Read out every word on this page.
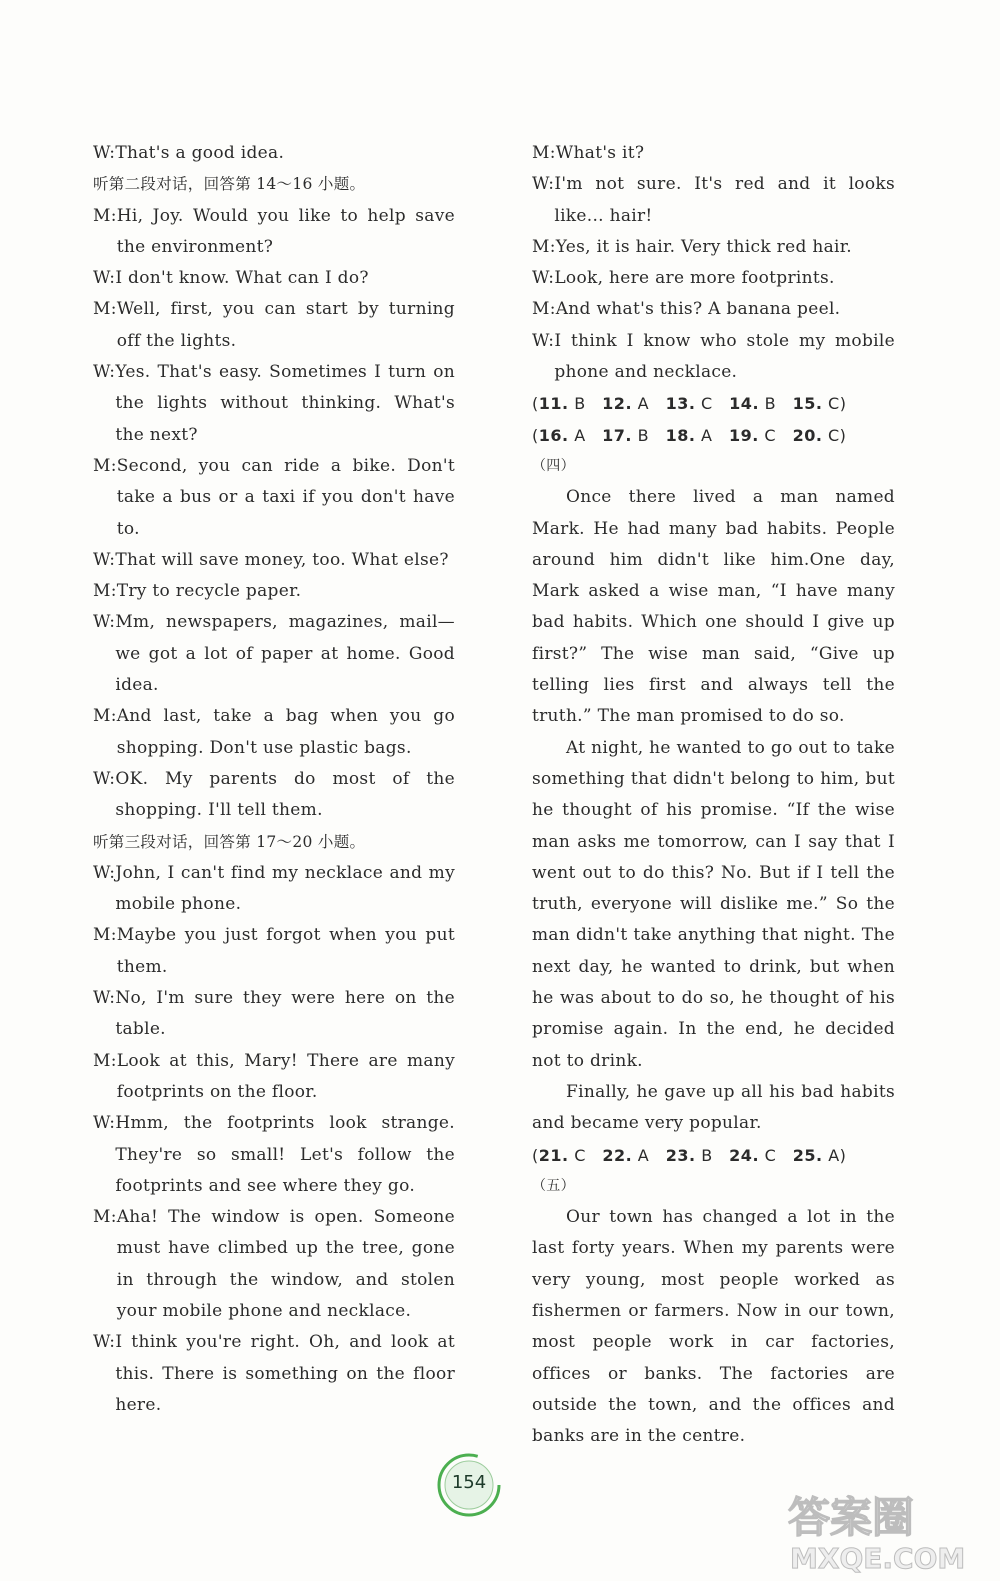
W: That's a good idea.
听第二段对话，回答第 14～16 小题。
M: Hi, Joy. Would you like to help save the environment?
W: I don't know. What can I do?
M: Well, first, you can start by turning off the lights.
W: Yes. That's easy. Sometimes I turn on the lights without thinking. What's the next?
M: Second, you can ride a bike. Don't take a bus or a taxi if you don't have to.
W: That will save money, too. What else?
M: Try to recycle paper.
W: Mm, newspapers, magazines, mail—we got a lot of paper at home. Good idea.
M: And last, take a bag when you go shopping. Don't use plastic bags.
W: OK. My parents do most of the shopping. I'll tell them.
听第三段对话，回答第 17～20 小题。
W: John, I can't find my necklace and my mobile phone.
M: Maybe you just forgot when you put them.
W: No, I'm sure they were here on the table.
M: Look at this, Mary! There are many footprints on the floor.
W: Hmm, the footprints look strange. They're so small! Let's follow the footprints and see where they go.
M: Aha! The window is open. Someone must have climbed up the tree, gone in through the window, and stolen your mobile phone and necklace.
W: I think you're right. Oh, and look at this. There is something on the floor here.
M: What's it?
W: I'm not sure. It's red and it looks like... hair!
M: Yes, it is hair. Very thick red hair.
W: Look, here are more footprints.
M: And what's this? A banana peel.
W: I think I know who stole my mobile phone and necklace.
(11. B  12. A  13. C  14. B  15. C)
(16. A  17. B  18. A  19. C  20. C)
（四）

Once there lived a man named Mark. He had many bad habits. People around him didn't like him.One day, Mark asked a wise man, “I have many bad habits. Which one should I give up first?” The wise man said, “Give up telling lies first and always tell the truth.” The man promised to do so.

At night, he wanted to go out to take something that didn't belong to him, but he thought of his promise. “If the wise man asks me tomorrow, can I say that I went out to do this? No. But if I tell the truth, everyone will dislike me.” So the man didn't take anything that night. The next day, he wanted to drink, but when he was about to do so, he thought of his promise again. In the end, he decided not to drink.

Finally, he gave up all his bad habits and became very popular.

(21. C  22. A  23. B  24. C  25. A)
（五）

Our town has changed a lot in the last forty years. When my parents were very young, most people worked as fishermen or farmers. Now in our town, most people work in car factories, offices or banks. The factories are outside the town, and the offices and banks are in the centre.

154
答案圈
MXQE.COM
